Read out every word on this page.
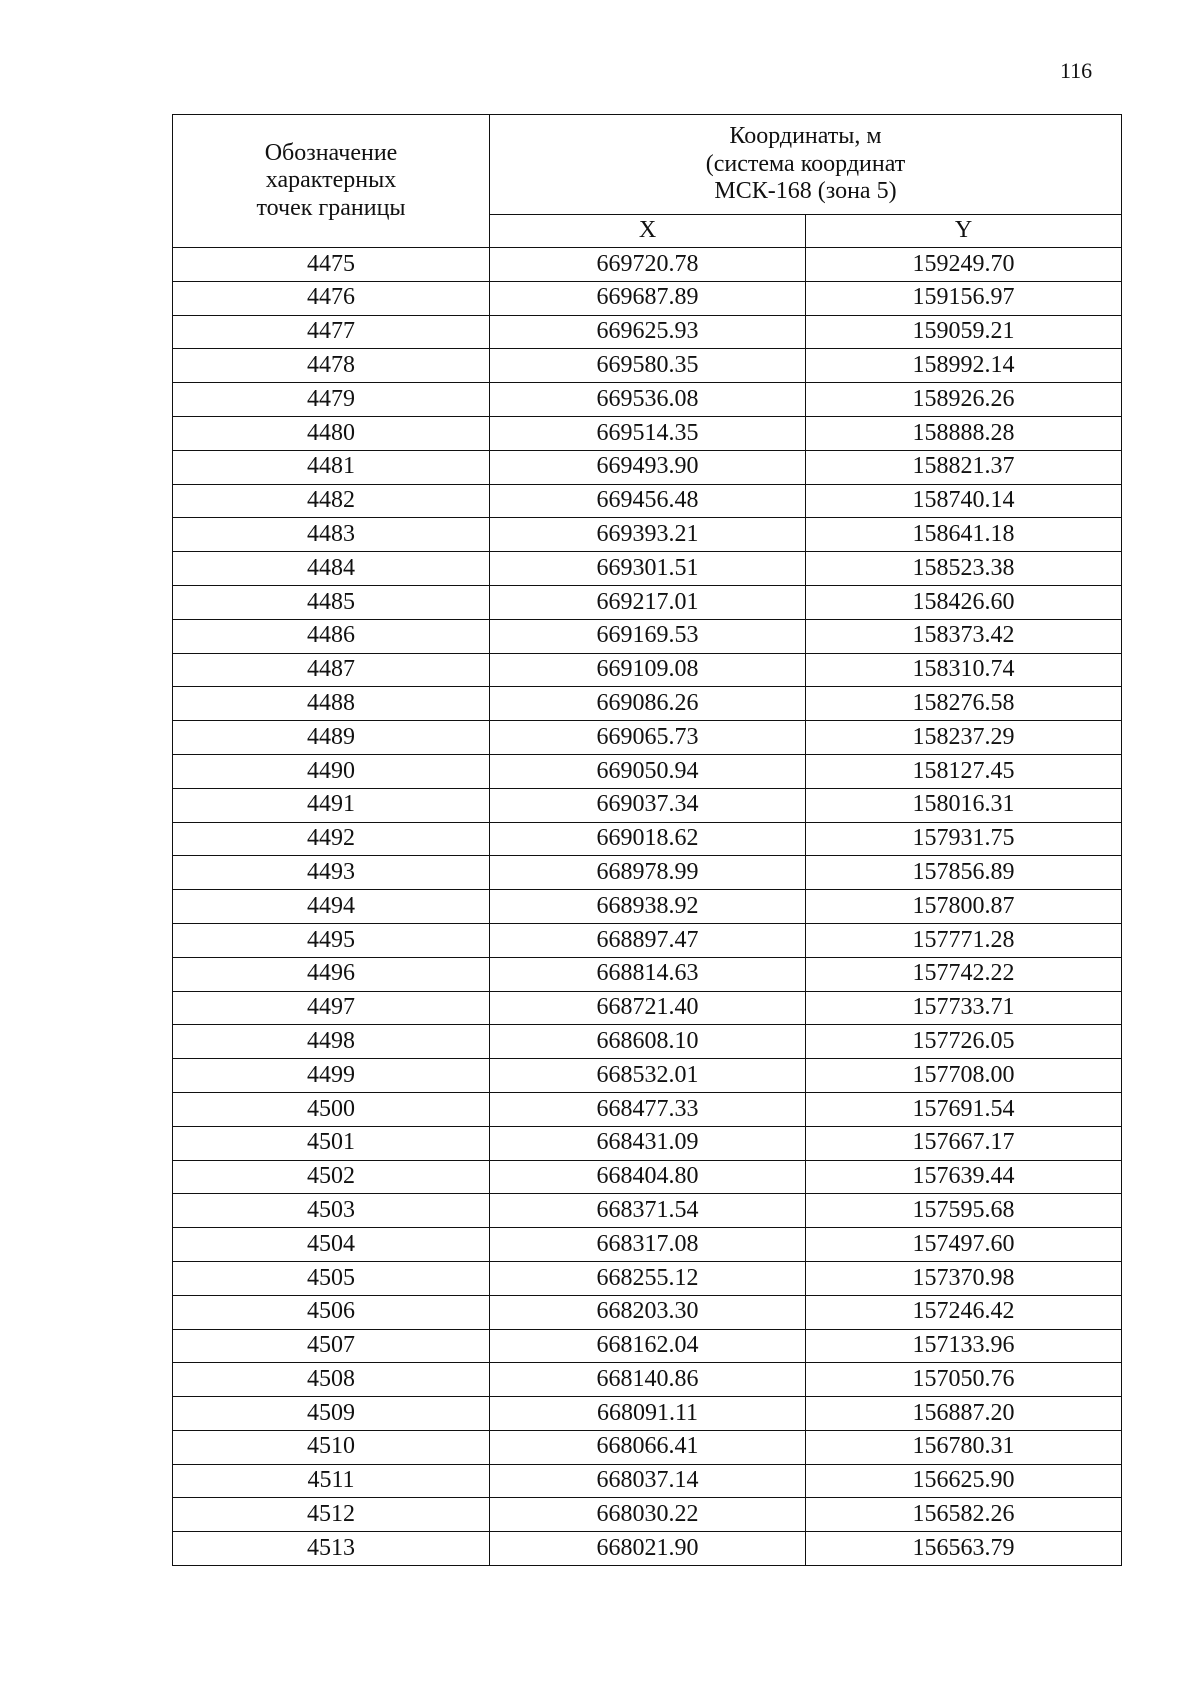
116
Обозначение
характерных
точек границы	Координаты, м
(система координат
МСК-168 (зона 5)	

	X	Y
4475	669720.78	159249.70
4476	669687.89	159156.97
4477	669625.93	159059.21
4478	669580.35	158992.14
4479	669536.08	158926.26
4480	669514.35	158888.28
4481	669493.90	158821.37
4482	669456.48	158740.14
4483	669393.21	158641.18
4484	669301.51	158523.38
4485	669217.01	158426.60
4486	669169.53	158373.42
4487	669109.08	158310.74
4488	669086.26	158276.58
4489	669065.73	158237.29
4490	669050.94	158127.45
4491	669037.34	158016.31
4492	669018.62	157931.75
4493	668978.99	157856.89
4494	668938.92	157800.87
4495	668897.47	157771.28
4496	668814.63	157742.22
4497	668721.40	157733.71
4498	668608.10	157726.05
4499	668532.01	157708.00
4500	668477.33	157691.54
4501	668431.09	157667.17
4502	668404.80	157639.44
4503	668371.54	157595.68
4504	668317.08	157497.60
4505	668255.12	157370.98
4506	668203.30	157246.42
4507	668162.04	157133.96
4508	668140.86	157050.76
4509	668091.11	156887.20
4510	668066.41	156780.31
4511	668037.14	156625.90
4512	668030.22	156582.26
4513	668021.90	156563.79
